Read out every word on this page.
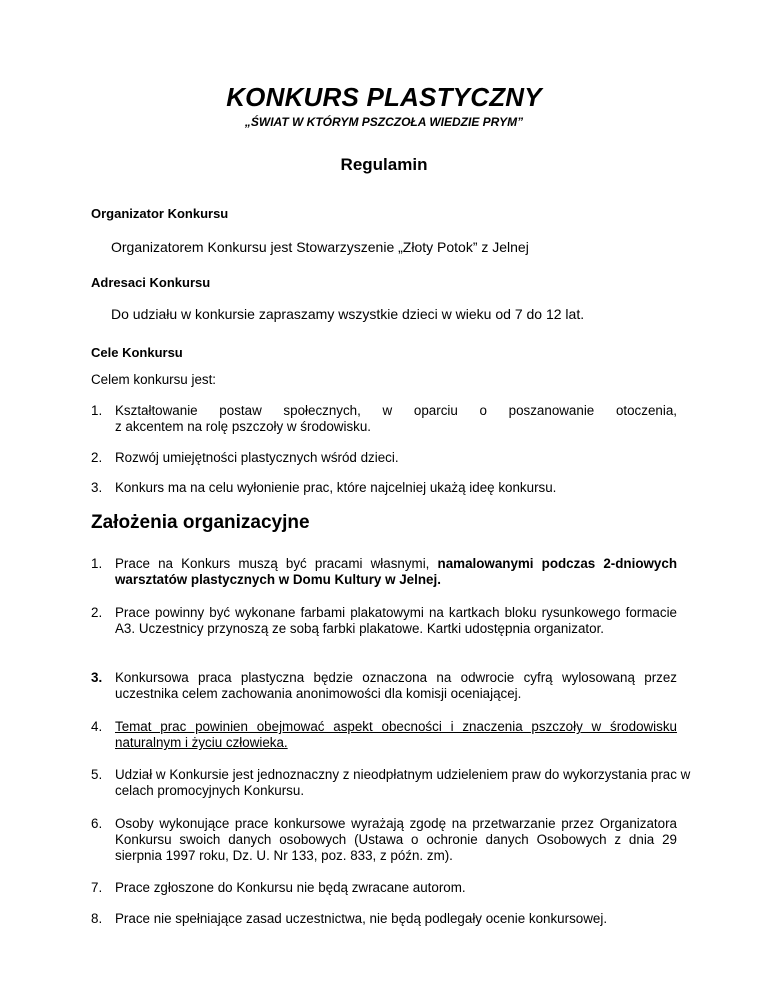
KONKURS PLASTYCZNY
„ŚWIAT W KTÓRYM PSZCZOŁA WIEDZIE PRYM”
Regulamin
Organizator Konkursu
Organizatorem Konkursu jest Stowarzyszenie „Złoty Potok” z Jelnej
Adresaci Konkursu
Do udziału w konkursie zapraszamy wszystkie dzieci w wieku od 7 do 12 lat.
Cele Konkursu
Celem konkursu jest:
1. Kształtowanie postaw społecznych, w oparciu o poszanowanie otoczenia,
z akcentem na rolę pszczoły w środowisku.
2. Rozwój umiejętności plastycznych wśród dzieci.
3. Konkurs ma na celu wyłonienie prac, które najcelniej ukażą ideę konkursu.
Założenia organizacyjne
1. Prace na Konkurs muszą być pracami własnymi, namalowanymi podczas 2-dniowych warsztatów plastycznych w Domu Kultury w Jelnej.
2. Prace powinny być wykonane farbami plakatowymi na kartkach bloku rysunkowego formacie A3. Uczestnicy przynoszą ze sobą farbki plakatowe. Kartki udostępnia organizator.
3. Konkursowa praca plastyczna będzie oznaczona na odwrocie cyfrą wylosowaną przez uczestnika celem zachowania anonimowości dla komisji oceniającej.
4. Temat prac powinien obejmować aspekt obecności i znaczenia pszczoły w środowisku naturalnym i życiu człowieka.
5. Udział w Konkursie jest jednoznaczny z nieodpłatnym udzieleniem praw do wykorzystania prac w celach promocyjnych Konkursu.
6. Osoby wykonujące prace konkursowe wyrażają zgodę na przetwarzanie przez Organizatora Konkursu swoich danych osobowych (Ustawa o ochronie danych Osobowych z dnia 29 sierpnia 1997 roku, Dz. U. Nr 133, poz. 833, z późn. zm).
7. Prace zgłoszone do Konkursu nie będą zwracane autorom.
8. Prace nie spełniające zasad uczestnictwa, nie będą podlegały ocenie konkursowej.
